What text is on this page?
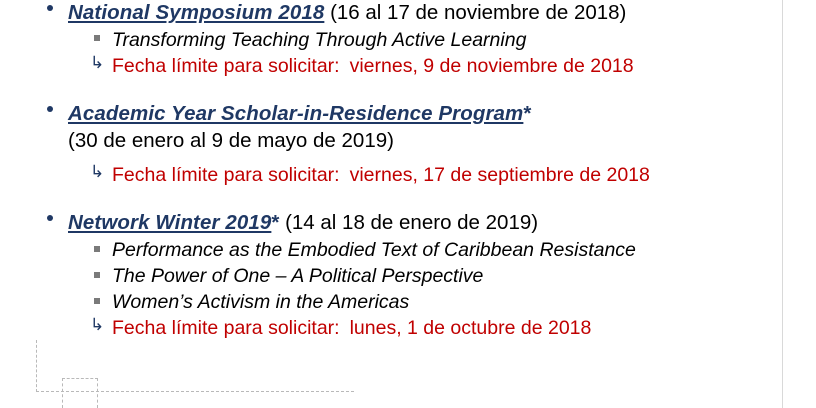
National Symposium 2018 (16 al 17 de noviembre de 2018)
Transforming Teaching Through Active Learning
↳ Fecha límite para solicitar: viernes, 9 de noviembre de 2018
Academic Year Scholar-in-Residence Program*
(30 de enero al 9 de mayo de 2019)
↳ Fecha límite para solicitar: viernes, 17 de septiembre de 2018
Network Winter 2019* (14 al 18 de enero de 2019)
Performance as the Embodied Text of Caribbean Resistance
The Power of One – A Political Perspective
Women’s Activism in the Americas
↳ Fecha límite para solicitar: lunes, 1 de octubre de 2018
